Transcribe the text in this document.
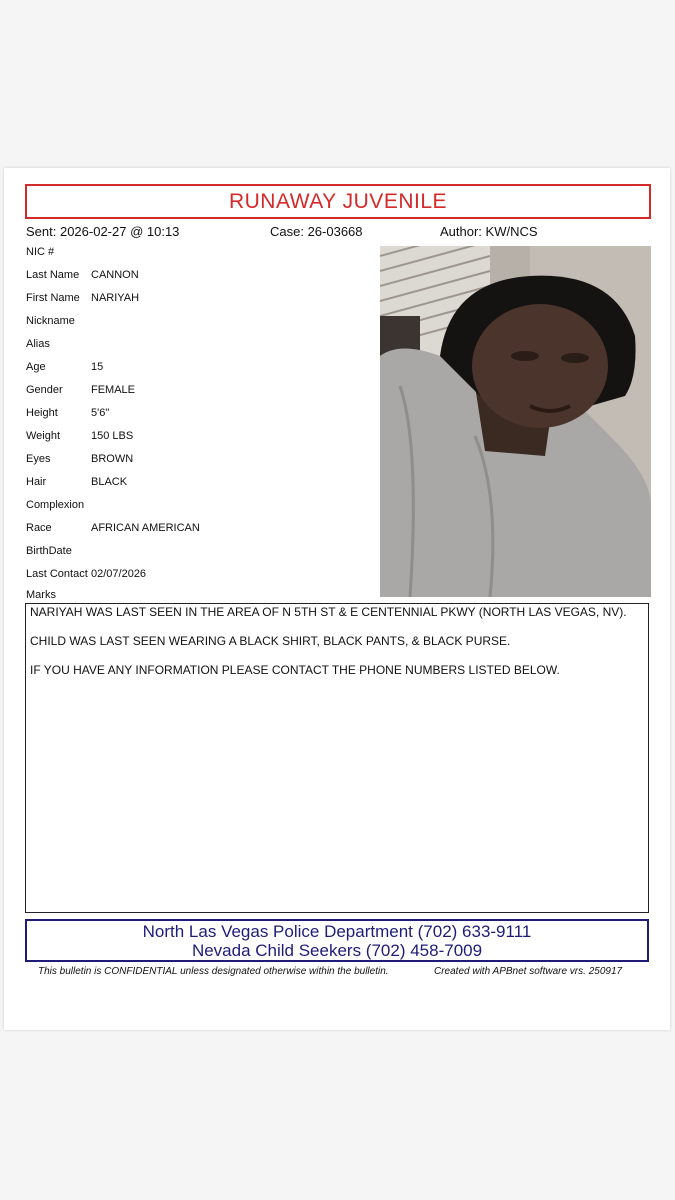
RUNAWAY JUVENILE
Sent: 2026-02-27 @ 10:13	Case: 26-03668	Author: KW/NCS
NIC #
Last Name CANNON
First Name NARIYAH
Nickname
Alias
Age	15
Gender	FEMALE
Height	5'6"
Weight	150 LBS
Eyes	BROWN
Hair	BLACK
Complexion
Race	AFRICAN AMERICAN
BirthDate
Last Contact 02/07/2026
Marks

NARIYAH WAS LAST SEEN IN THE AREA OF N 5TH ST & E CENTENNIAL PKWY (NORTH LAS VEGAS, NV).

CHILD WAS LAST SEEN WEARING A BLACK SHIRT, BLACK PANTS, & BLACK PURSE.

IF YOU HAVE ANY INFORMATION PLEASE CONTACT THE PHONE NUMBERS LISTED BELOW.

North Las Vegas Police Department (702) 633-9111
Nevada Child Seekers (702) 458-7009
This bulletin is CONFIDENTIAL unless designated otherwise within the bulletin.	Created with APBnet software vrs. 250917
